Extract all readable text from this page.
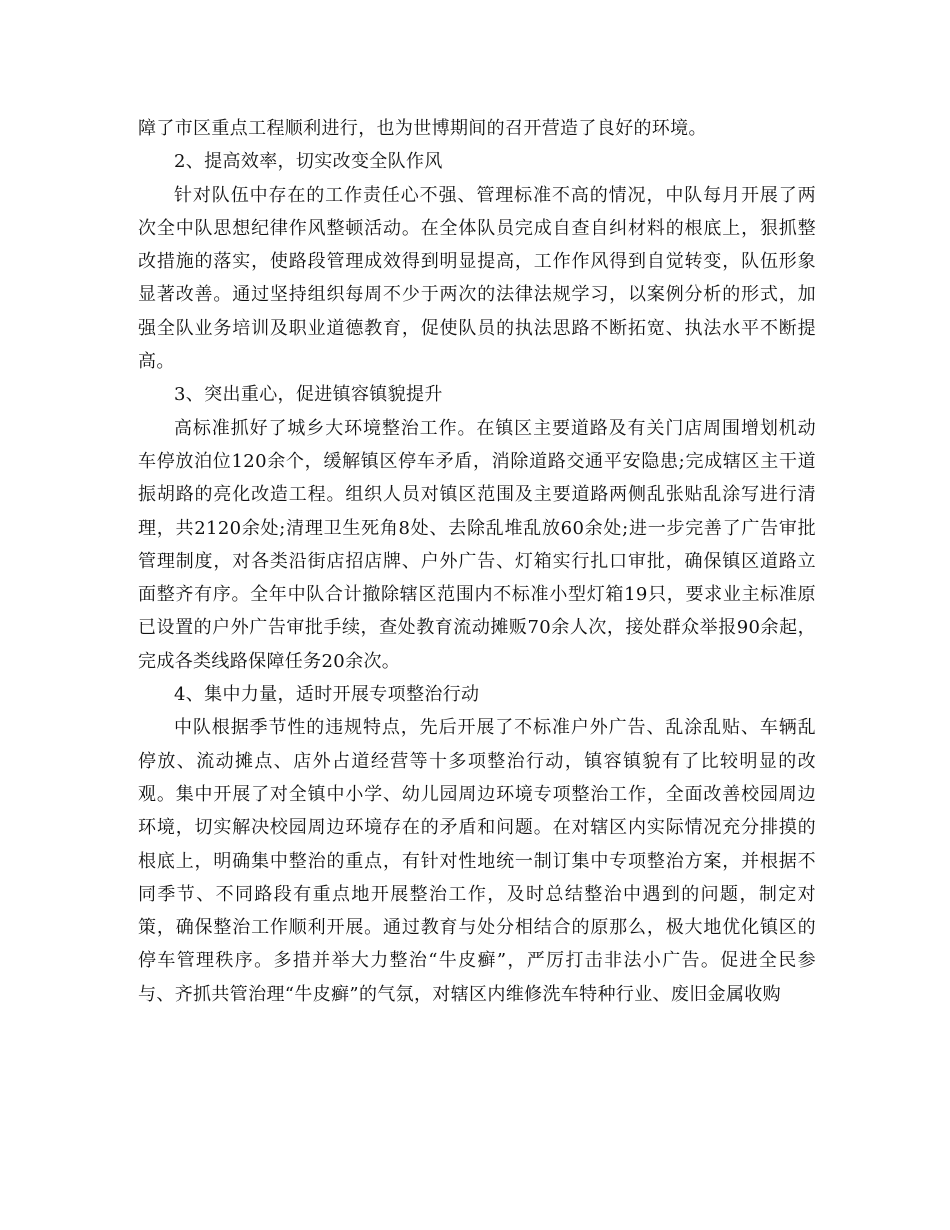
障了市区重点工程顺利进行，也为世博期间的召开营造了良好的环境。

2、提高效率，切实改变全队作风

针对队伍中存在的工作责任心不强、管理标准不高的情况，中队每月开展了两次全中队思想纪律作风整顿活动。在全体队员完成自查自纠材料的根底上，狠抓整改措施的落实，使路段管理成效得到明显提高，工作作风得到自觉转变，队伍形象显著改善。通过坚持组织每周不少于两次的法律法规学习，以案例分析的形式，加强全队业务培训及职业道德教育，促使队员的执法思路不断拓宽、执法水平不断提高。

3、突出重心，促进镇容镇貌提升

高标准抓好了城乡大环境整治工作。在镇区主要道路及有关门店周围增划机动车停放泊位120余个，缓解镇区停车矛盾，消除道路交通平安隐患;完成辖区主干道振胡路的亮化改造工程。组织人员对镇区范围及主要道路两侧乱张贴乱涂写进行清理，共2120余处;清理卫生死角8处、去除乱堆乱放60余处;进一步完善了广告审批管理制度，对各类沿街店招店牌、户外广告、灯箱实行扎口审批，确保镇区道路立面整齐有序。全年中队合计撤除辖区范围内不标准小型灯箱19只，要求业主标准原已设置的户外广告审批手续，查处教育流动摊贩70余人次，接处群众举报90余起，完成各类线路保障任务20余次。

4、集中力量，适时开展专项整治行动

中队根据季节性的违规特点，先后开展了不标准户外广告、乱涂乱贴、车辆乱停放、流动摊点、店外占道经营等十多项整治行动，镇容镇貌有了比较明显的改观。集中开展了对全镇中小学、幼儿园周边环境专项整治工作，全面改善校园周边环境，切实解决校园周边环境存在的矛盾和问题。在对辖区内实际情况充分排摸的根底上，明确集中整治的重点，有针对性地统一制订集中专项整治方案，并根据不同季节、不同路段有重点地开展整治工作，及时总结整治中遇到的问题，制定对策，确保整治工作顺利开展。通过教育与处分相结合的原那么，极大地优化镇区的停车管理秩序。多措并举大力整治“牛皮癣”，严厉打击非法小广告。促进全民参与、齐抓共管治理“牛皮癣”的气氛，对辖区内维修洗车特种行业、废旧金属收购
